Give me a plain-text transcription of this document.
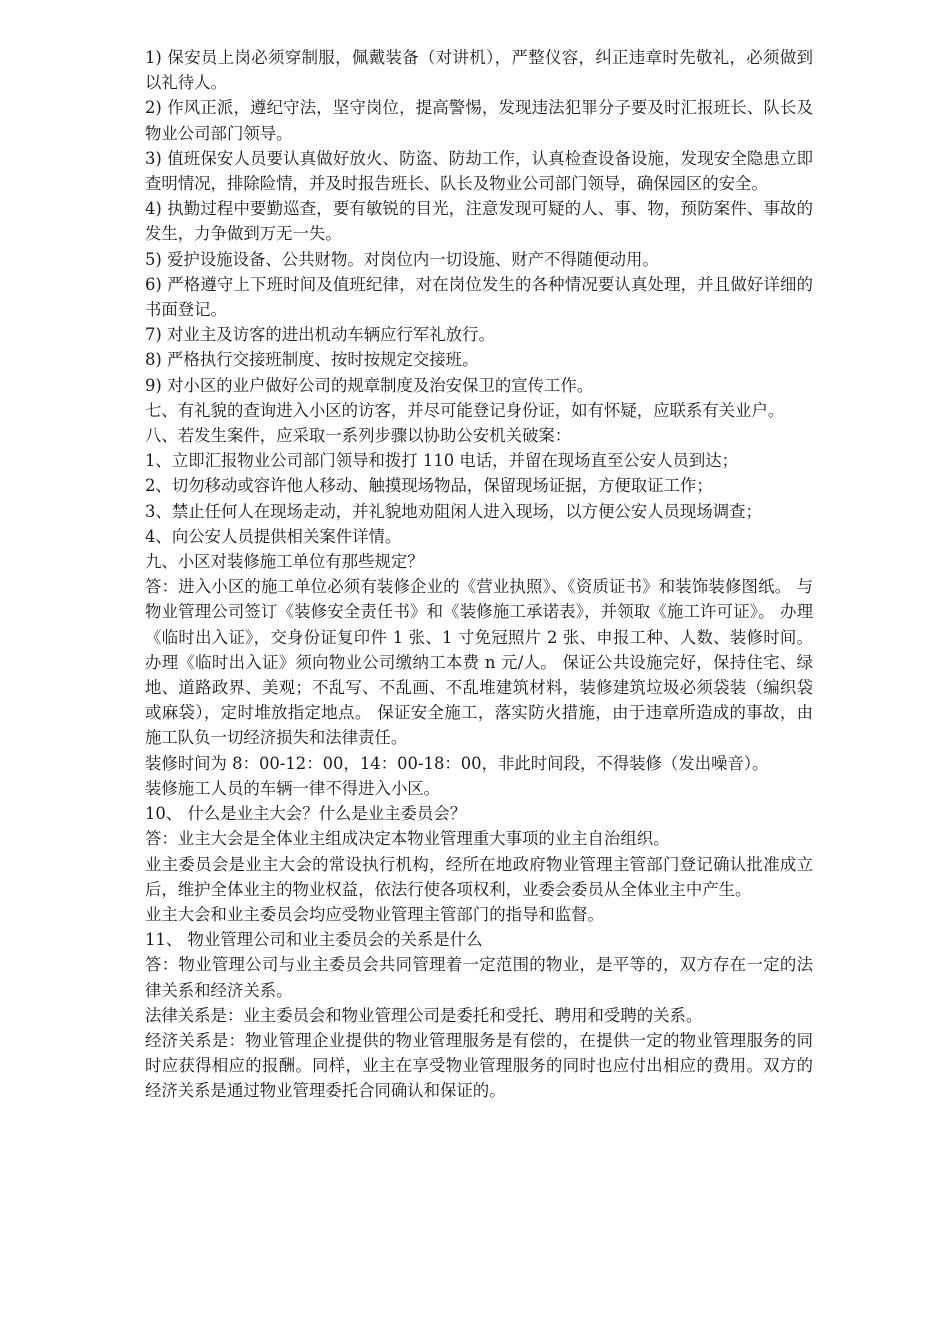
1) 保安员上岗必须穿制服，佩戴装备（对讲机），严整仪容，纠正违章时先敬礼，必须做到以礼待人。

2) 作风正派，遵纪守法，坚守岗位，提高警惕，发现违法犯罪分子要及时汇报班长、队长及物业公司部门领导。

3) 值班保安人员要认真做好放火、防盗、防劫工作，认真检查设备设施，发现安全隐患立即查明情况，排除险情，并及时报告班长、队长及物业公司部门领导，确保园区的安全。

4) 执勤过程中要勤巡查，要有敏锐的目光，注意发现可疑的人、事、物，预防案件、事故的发生，力争做到万无一失。

5) 爱护设施设备、公共财物。对岗位内一切设施、财产不得随便动用。

6) 严格遵守上下班时间及值班纪律，对在岗位发生的各种情况要认真处理，并且做好详细的书面登记。

7) 对业主及访客的进出机动车辆应行军礼放行。

8) 严格执行交接班制度、按时按规定交接班。

9) 对小区的业户做好公司的规章制度及治安保卫的宣传工作。

七、有礼貌的查询进入小区的访客，并尽可能登记身份证，如有怀疑，应联系有关业户。

八、若发生案件，应采取一系列步骤以协助公安机关破案：

1、立即汇报物业公司部门领导和拨打 110 电话，并留在现场直至公安人员到达；

2、切勿移动或容许他人移动、触摸现场物品，保留现场证据，方便取证工作；

3、禁止任何人在现场走动，并礼貌地劝阻闲人进入现场，以方便公安人员现场调查；

4、向公安人员提供相关案件详情。

九、小区对装修施工单位有那些规定？

答：进入小区的施工单位必须有装修企业的《营业执照》、《资质证书》和装饰装修图纸。 与物业管理公司签订《装修安全责任书》和《装修施工承诺表》，并领取《施工许可证》。 办理《临时出入证》，交身份证复印件 1 张、1 寸免冠照片 2 张、申报工种、人数、装修时间。办理《临时出入证》须向物业公司缴纳工本费 n 元/人。 保证公共设施完好，保持住宅、绿地、道路政界、美观；不乱写、不乱画、不乱堆建筑材料，装修建筑垃圾必须袋装（编织袋或麻袋），定时堆放指定地点。 保证安全施工，落实防火措施，由于违章所造成的事故，由施工队负一切经济损失和法律责任。

装修时间为 8：00-12：00，14：00-18：00，非此时间段，不得装修（发出噪音）。

装修施工人员的车辆一律不得进入小区。

10、 什么是业主大会？什么是业主委员会？

答：业主大会是全体业主组成决定本物业管理重大事项的业主自治组织。

业主委员会是业主大会的常设执行机构，经所在地政府物业管理主管部门登记确认批准成立后，维护全体业主的物业权益，依法行使各项权利，业委会委员从全体业主中产生。

业主大会和业主委员会均应受物业管理主管部门的指导和监督。

11、 物业管理公司和业主委员会的关系是什么

答：物业管理公司与业主委员会共同管理着一定范围的物业，是平等的，双方存在一定的法律关系和经济关系。

法律关系是：业主委员会和物业管理公司是委托和受托、聘用和受聘的关系。

经济关系是：物业管理企业提供的物业管理服务是有偿的，在提供一定的物业管理服务的同时应获得相应的报酬。同样，业主在享受物业管理服务的同时也应付出相应的费用。双方的经济关系是通过物业管理委托合同确认和保证的。
